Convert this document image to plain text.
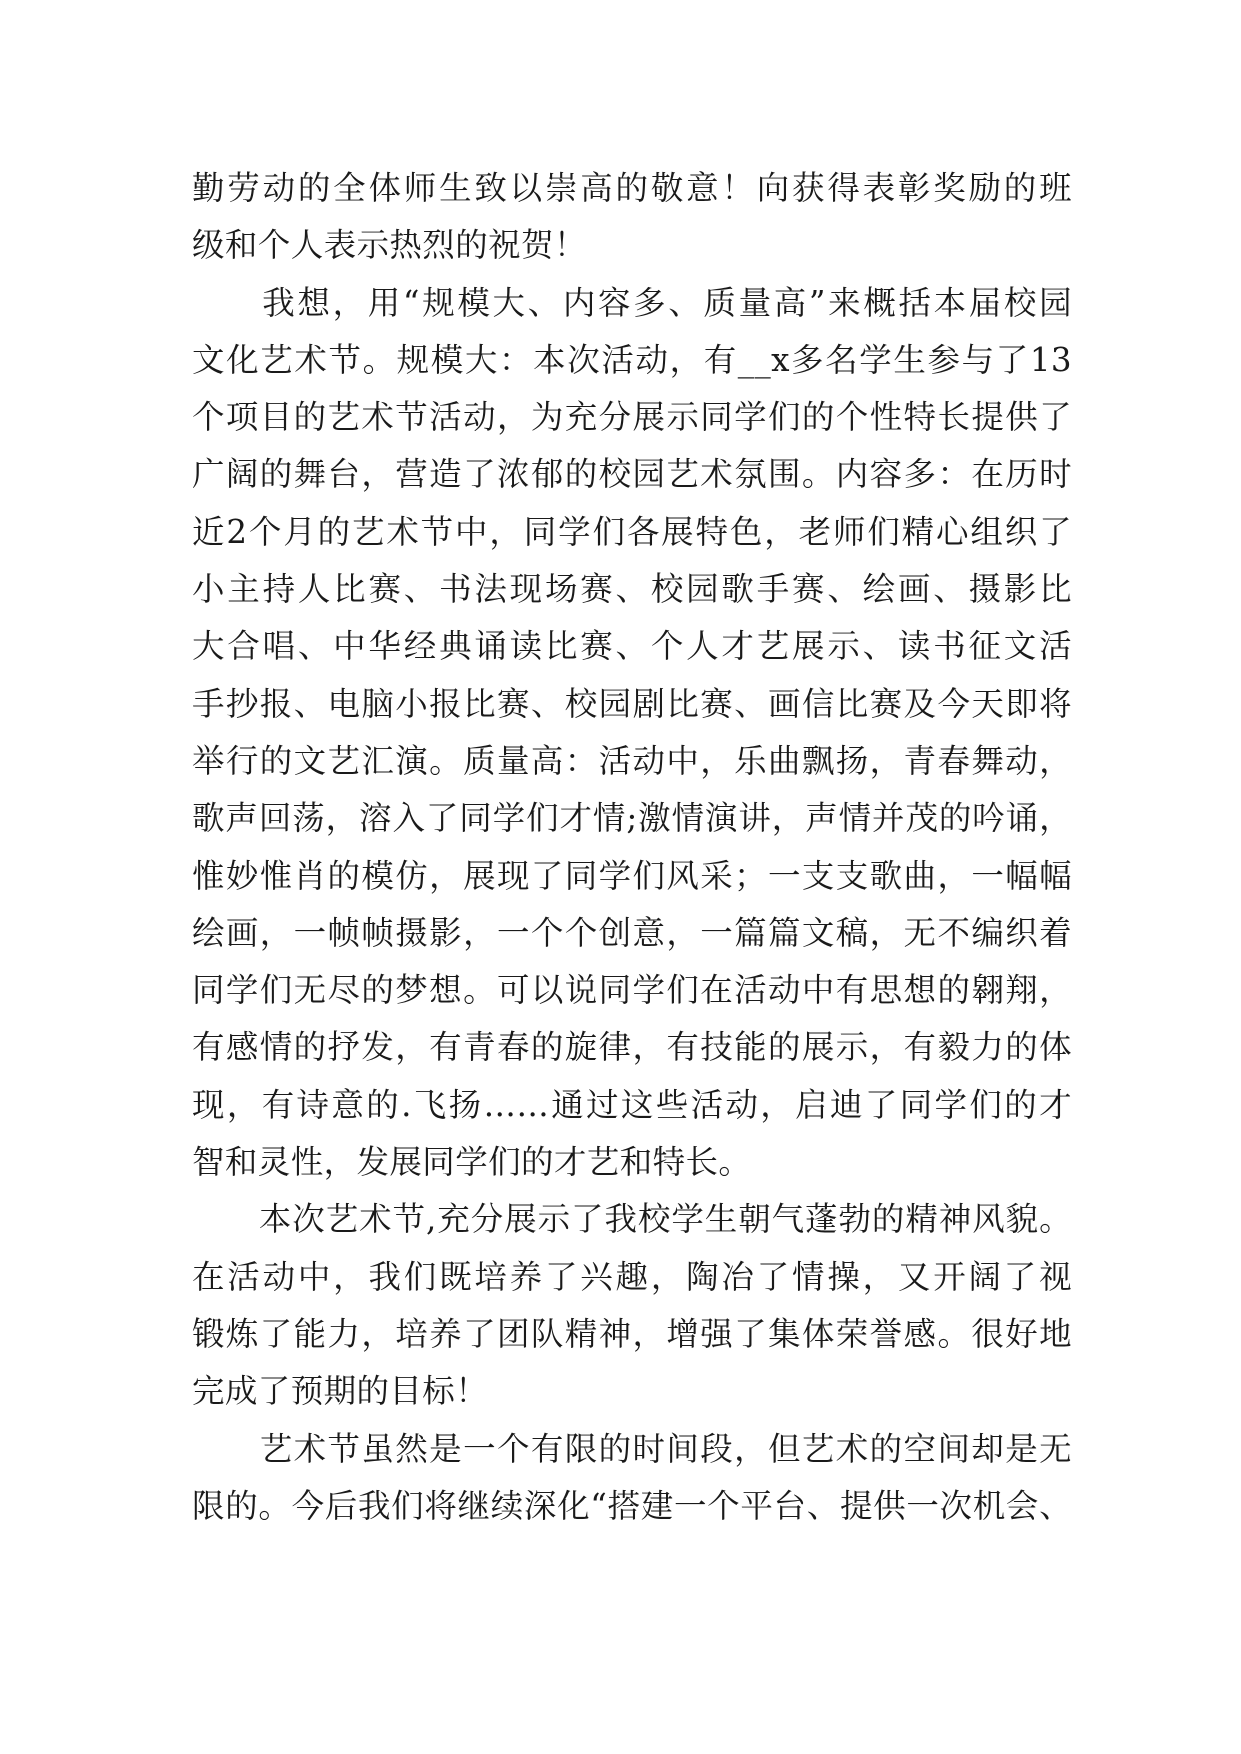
勤劳动的全体师生致以崇高的敬意！向获得表彰奖励的班
级和个人表示热烈的祝贺！
　　我想，用“规模大、内容多、质量高”来概括本届校园
文化艺术节。规模大：本次活动，有__x多名学生参与了13
个项目的艺术节活动，为充分展示同学们的个性特长提供了
广阔的舞台，营造了浓郁的校园艺术氛围。内容多：在历时
近2个月的艺术节中，同学们各展特色，老师们精心组织了
小主持人比赛、书法现场赛、校园歌手赛、绘画、摄影比
大合唱、中华经典诵读比赛、个人才艺展示、读书征文活
手抄报、电脑小报比赛、校园剧比赛、画信比赛及今天即将
举行的文艺汇演。质量高：活动中，乐曲飘扬，青春舞动，
歌声回荡，溶入了同学们才情;激情演讲，声情并茂的吟诵，
惟妙惟肖的模仿，展现了同学们风采；一支支歌曲，一幅幅
绘画，一帧帧摄影，一个个创意，一篇篇文稿，无不编织着
同学们无尽的梦想。可以说同学们在活动中有思想的翱翔，
有感情的抒发，有青春的旋律，有技能的展示，有毅力的体
现，有诗意的.飞扬……通过这些活动，启迪了同学们的才
智和灵性，发展同学们的才艺和特长。
　　本次艺术节,充分展示了我校学生朝气蓬勃的精神风貌。
在活动中，我们既培养了兴趣，陶冶了情操，又开阔了视
锻炼了能力，培养了团队精神，增强了集体荣誉感。很好地
完成了预期的目标！
　　艺术节虽然是一个有限的时间段，但艺术的空间却是无
限的。今后我们将继续深化“搭建一个平台、提供一次机会、
